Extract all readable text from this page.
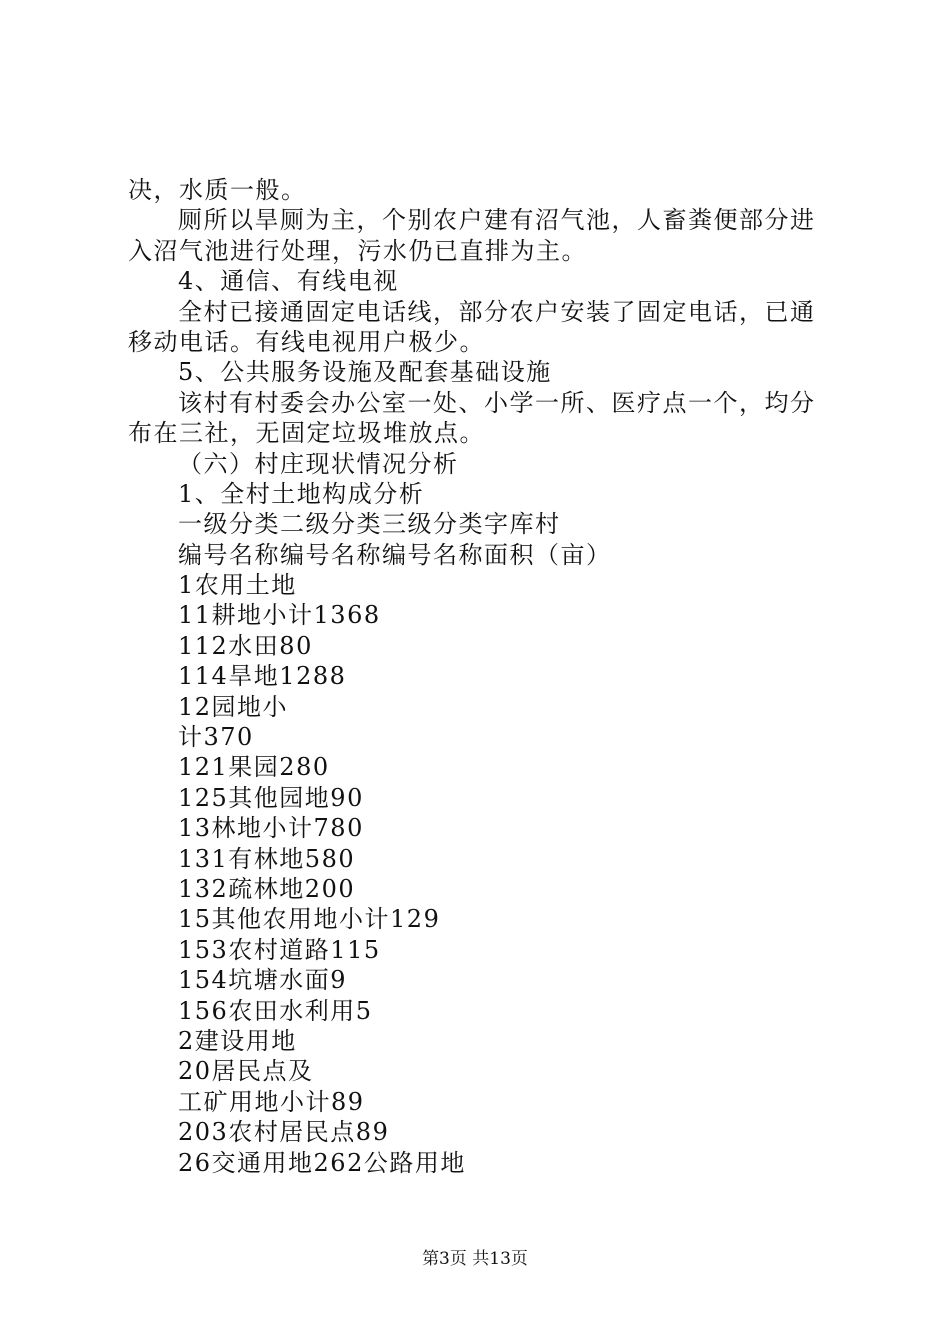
决，水质一般。
厕所以旱厕为主，个别农户建有沼气池，人畜粪便部分进
入沼气池进行处理，污水仍已直排为主。
4、通信、有线电视
全村已接通固定电话线，部分农户安装了固定电话，已通
移动电话。有线电视用户极少。
5、公共服务设施及配套基础设施
该村有村委会办公室一处、小学一所、医疗点一个，均分
布在三社，无固定垃圾堆放点。
（六）村庄现状情况分析
1、全村土地构成分析
一级分类二级分类三级分类字库村
编号名称编号名称编号名称面积（亩）
1农用土地
11耕地小计1368
112水田80
114旱地1288
12园地小
计370
121果园280
125其他园地90
13林地小计780
131有林地580
132疏林地200
15其他农用地小计129
153农村道路115
154坑塘水面9
156农田水利用5
2建设用地
20居民点及
工矿用地小计89
203农村居民点89
26交通用地262公路用地
第3页 共13页
